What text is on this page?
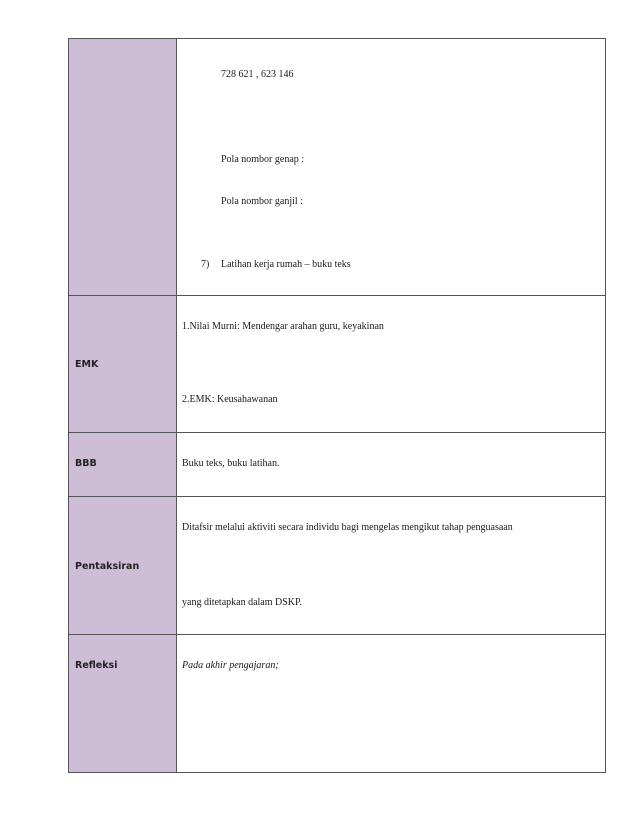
728 621 , 623 146
Pola nombor genap :
Pola nombor ganjil :
7) Latihan kerja rumah – buku teks
EMK
1.Nilai Murni: Mendengar arahan guru, keyakinan
2.EMK: Keusahawanan
BBB	Buku teks, buku latihan.
Pentaksiran
Ditafsir melalui aktiviti secara individu bagi mengelas mengikut tahap penguasaan
yang ditetapkan dalam DSKP.
Refleksi	Pada akhir pengajaran;
